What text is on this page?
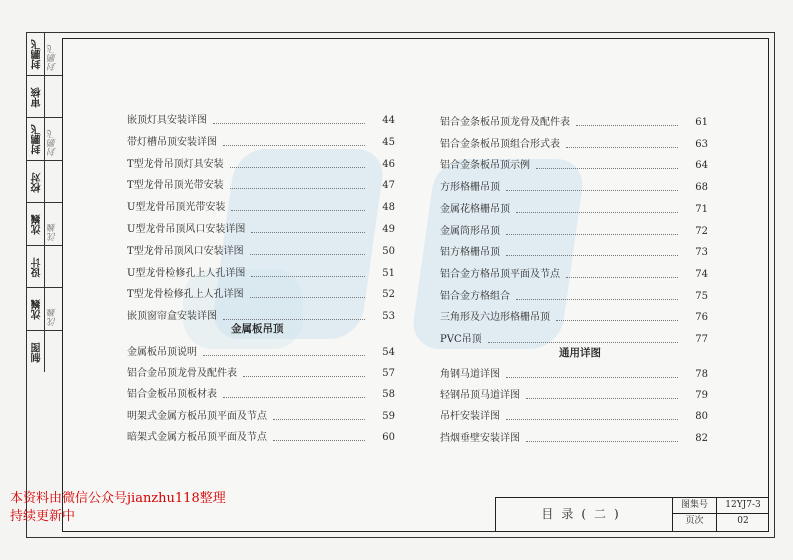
封鹏飞 封鹏飞
审核
封鹏飞 封鹏飞
校对
沈巍 沈巍
设计
沈巍 沈巍
制图
嵌顶灯具安装详图	44
带灯槽吊顶安装详图	45
T型龙骨吊顶灯具安装	46
T型龙骨吊顶光带安装	47
U型龙骨吊顶光带安装	48
U型龙骨吊顶风口安装详图	49
T型龙骨吊顶风口安装详图	50
U型龙骨检修孔上人孔详图	51
T型龙骨检修孔上人孔详图	52
嵌顶窗帘盒安装详图	53
金属板吊顶
金属板吊顶说明	54
铝合金吊顶龙骨及配件表	57
铝合金板吊顶板材表	58
明架式金属方板吊顶平面及节点	59
暗架式金属方板吊顶平面及节点	60
铝合金条板吊顶龙骨及配件表	61
铝合金条板吊顶组合形式表	63
铝合金条板吊顶示例	64
方形格栅吊顶	68
金属花格栅吊顶	71
金属筒形吊顶	72
铝方格栅吊顶	73
铝合金方格吊顶平面及节点	74
铝合金方格组合	75
三角形及六边形格栅吊顶	76
PVC吊顶	77
通用详图
角钢马道详图	78
轻钢吊顶马道详图	79
吊杆安装详图	80
挡烟垂壁安装详图	82
目录(二)
图集号	12YJ7-3
页次	02
本资料由微信公众号jianzhu118整理
持续更新中
